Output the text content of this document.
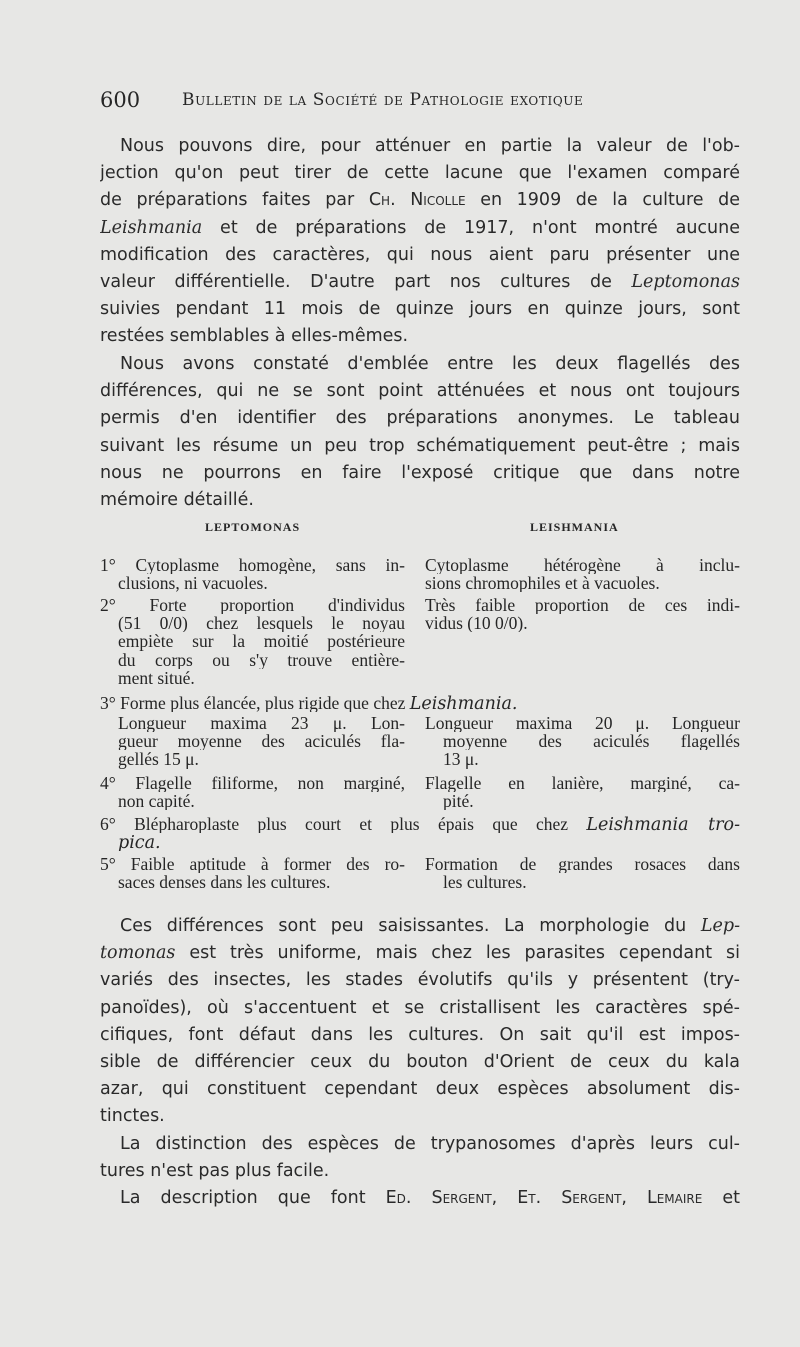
600 Bulletin de la Société de Pathologie exotique
Nous pouvons dire, pour atténuer en partie la valeur de l'ob-
jection qu'on peut tirer de cette lacune que l'examen comparé
de préparations faites par Ch. Nicolle en 1909 de la culture de
Leishmania et de préparations de 1917, n'ont montré aucune
modification des caractères, qui nous aient paru présenter une
valeur différentielle. D'autre part nos cultures de Leptomonas
suivies pendant 11 mois de quinze jours en quinze jours, sont
restées semblables à elles-mêmes.
Nous avons constaté d'emblée entre les deux flagellés des
différences, qui ne se sont point atténuées et nous ont toujours
permis d'en identifier des préparations anonymes. Le tableau
suivant les résume un peu trop schématiquement peut-être ; mais
nous ne pourrons en faire l'exposé critique que dans notre
mémoire détaillé.
LEPTOMONAS	LEISHMANIA
1° Cytoplasme homogène, sans in-
clusions, ni vacuoles.
Cytoplasme hétérogène à inclu-
sions chromophiles et à vacuoles.
2° Forte proportion d'individus
(51 0/0) chez lesquels le noyau
empiète sur la moitié postérieure
du corps ou s'y trouve entière-
ment situé.
Très faible proportion de ces indi-
vidus (10 0/0).
3° Forme plus élancée, plus rigide que chez Leishmania.
Longueur maxima 23 μ. Lon-
gueur moyenne des aciculés fla-
gellés 15 μ.
Longueur maxima 20 μ. Longueur
moyenne des aciculés flagellés
13 μ.
4° Flagelle filiforme, non marginé,
non capité.
Flagelle en lanière, marginé, ca-
pité.
6° Blépharoplaste plus court et plus épais que chez Leishmania tro-
pica.
5° Faible aptitude à former des ro-
saces denses dans les cultures.
Formation de grandes rosaces dans
les cultures.
Ces différences sont peu saisissantes. La morphologie du Lep-
tomonas est très uniforme, mais chez les parasites cependant si
variés des insectes, les stades évolutifs qu'ils y présentent (try-
panoïdes), où s'accentuent et se cristallisent les caractères spé-
cifiques, font défaut dans les cultures. On sait qu'il est impos-
sible de différencier ceux du bouton d'Orient de ceux du kala
azar, qui constituent cependant deux espèces absolument dis-
tinctes.
La distinction des espèces de trypanosomes d'après leurs cul-
tures n'est pas plus facile.
La description que font Ed. Sergent, Et. Sergent, Lemaire et
